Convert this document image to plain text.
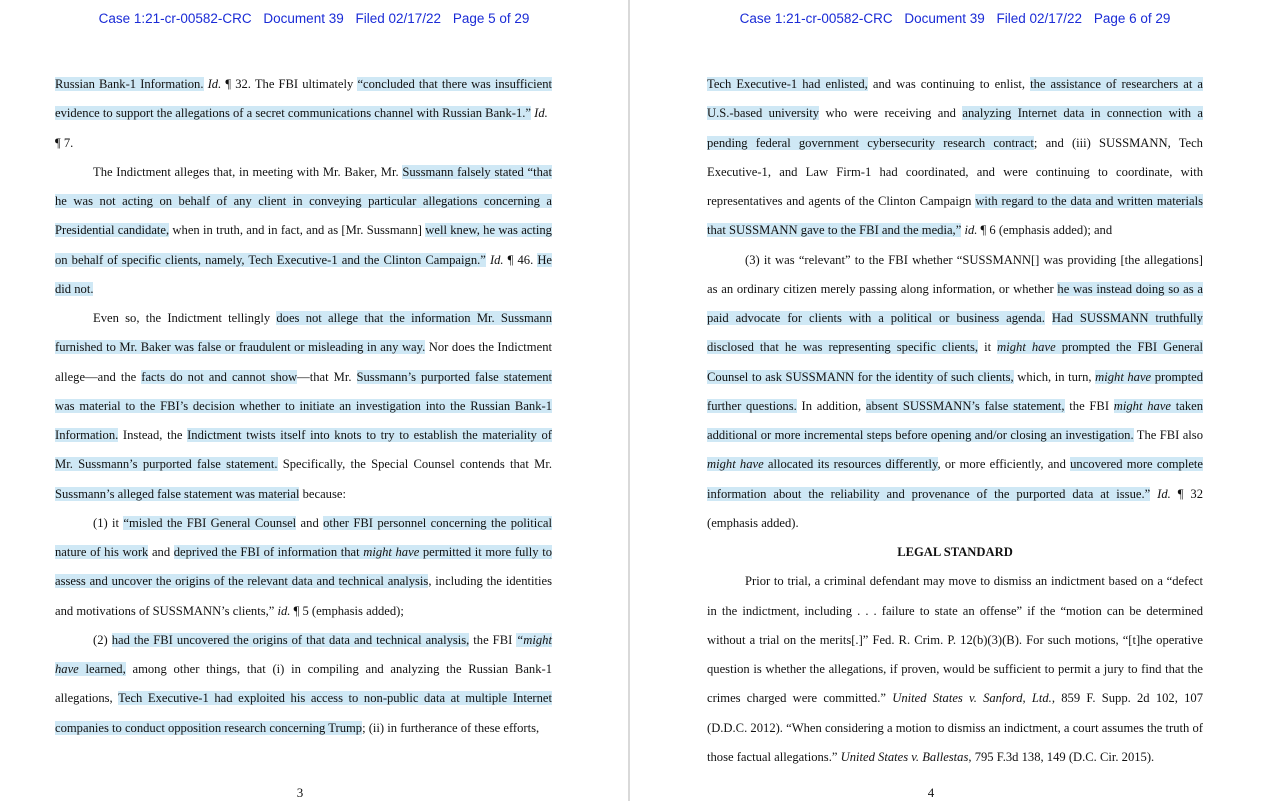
Case 1:21-cr-00582-CRC Document 39 Filed 02/17/22 Page 5 of 29

Russian Bank-1 Information. Id. ¶ 32. The FBI ultimately “concluded that there was insufficient evidence to support the allegations of a secret communications channel with Russian Bank-1.” Id.
¶ 7.

The Indictment alleges that, in meeting with Mr. Baker, Mr. Sussmann falsely stated “that he was not acting on behalf of any client in conveying particular allegations concerning a Presidential candidate, when in truth, and in fact, and as [Mr. Sussmann] well knew, he was acting on behalf of specific clients, namely, Tech Executive-1 and the Clinton Campaign.” Id. ¶ 46. He did not.

Even so, the Indictment tellingly does not allege that the information Mr. Sussmann furnished to Mr. Baker was false or fraudulent or misleading in any way. Nor does the Indictment allege—and the facts do not and cannot show—that Mr. Sussmann’s purported false statement was material to the FBI’s decision whether to initiate an investigation into the Russian Bank-1 Information. Instead, the Indictment twists itself into knots to try to establish the materiality of Mr. Sussmann’s purported false statement. Specifically, the Special Counsel contends that Mr. Sussmann’s alleged false statement was material because:

(1) it “misled the FBI General Counsel and other FBI personnel concerning the political nature of his work and deprived the FBI of information that might have permitted it more fully to assess and uncover the origins of the relevant data and technical analysis, including the identities and motivations of SUSSMANN’s clients,” id. ¶ 5 (emphasis added);

(2) had the FBI uncovered the origins of that data and technical analysis, the FBI “might have learned, among other things, that (i) in compiling and analyzing the Russian Bank-1 allegations, Tech Executive-1 had exploited his access to non-public data at multiple Internet companies to conduct opposition research concerning Trump; (ii) in furtherance of these efforts,

3
Case 1:21-cr-00582-CRC Document 39 Filed 02/17/22 Page 6 of 29

Tech Executive-1 had enlisted, and was continuing to enlist, the assistance of researchers at a U.S.-based university who were receiving and analyzing Internet data in connection with a pending federal government cybersecurity research contract; and (iii) SUSSMANN, Tech Executive-1, and Law Firm-1 had coordinated, and were continuing to coordinate, with representatives and agents of the Clinton Campaign with regard to the data and written materials that SUSSMANN gave to the FBI and the media,” id. ¶ 6 (emphasis added); and

(3) it was “relevant” to the FBI whether “SUSSMANN[] was providing [the allegations] as an ordinary citizen merely passing along information, or whether he was instead doing so as a paid advocate for clients with a political or business agenda. Had SUSSMANN truthfully disclosed that he was representing specific clients, it might have prompted the FBI General Counsel to ask SUSSMANN for the identity of such clients, which, in turn, might have prompted further questions. In addition, absent SUSSMANN’s false statement, the FBI might have taken additional or more incremental steps before opening and/or closing an investigation. The FBI also might have allocated its resources differently, or more efficiently, and uncovered more complete information about the reliability and provenance of the purported data at issue.” Id. ¶ 32 (emphasis added).

LEGAL STANDARD

Prior to trial, a criminal defendant may move to dismiss an indictment based on a “defect in the indictment, including . . . failure to state an offense” if the “motion can be determined without a trial on the merits[.]” Fed. R. Crim. P. 12(b)(3)(B). For such motions, “[t]he operative question is whether the allegations, if proven, would be sufficient to permit a jury to find that the crimes charged were committed.” United States v. Sanford, Ltd., 859 F. Supp. 2d 102, 107 (D.D.C. 2012). “When considering a motion to dismiss an indictment, a court assumes the truth of those factual allegations.” United States v. Ballestas, 795 F.3d 138, 149 (D.C. Cir. 2015).

4
